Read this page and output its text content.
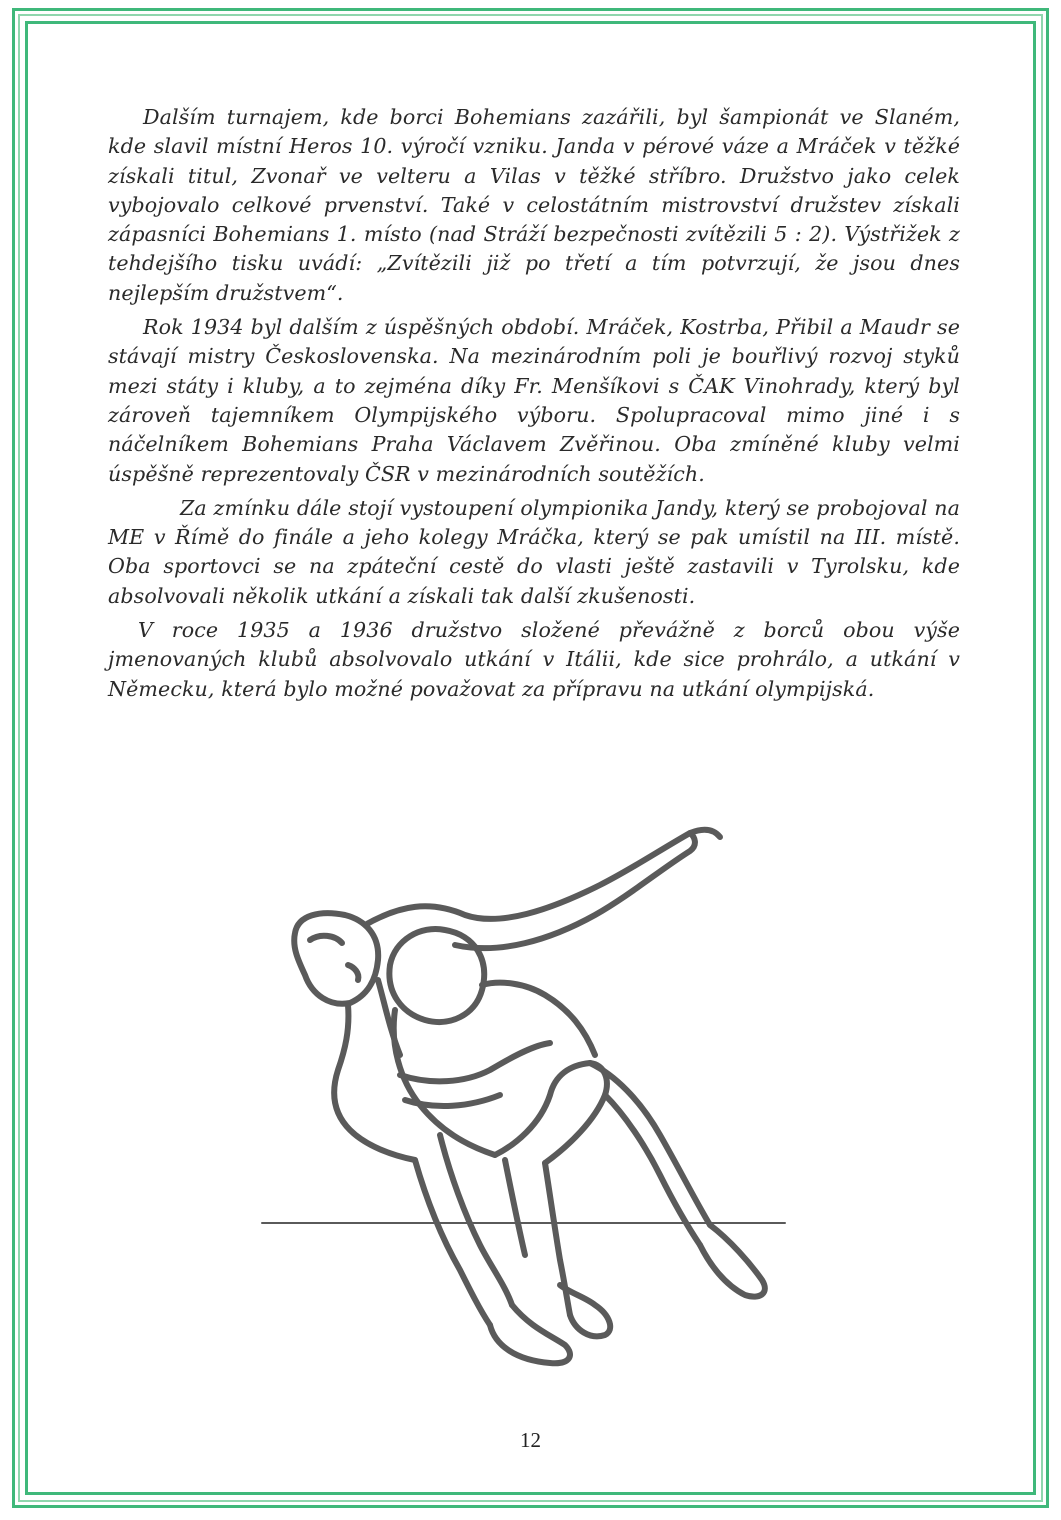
Dalším turnajem, kde borci Bohemians zazářili, byl šampionát ve Slaném, kde slavil místní Heros 10. výročí vzniku. Janda v pérové váze a Mráček v těžké získali titul, Zvonař ve velteru a Vilas v těžké stříbro. Družstvo jako celek vybojovalo celkové prvenství. Také v celostátním mistrovství družstev získali zápasníci Bohemians 1. místo (nad Stráží bezpečnosti zvítězili 5 : 2). Výstřižek z tehdejšího tisku uvádí: „Zvítězili již po třetí a tím potvrzují, že jsou dnes nejlepším družstvem“.

Rok 1934 byl dalším z úspěšných období. Mráček, Kostrba, Přibil a Maudr se stávají mistry Československa. Na mezinárodním poli je bouřlivý rozvoj styků mezi státy i kluby, a to zejména díky Fr. Menšíkovi s ČAK Vinohrady, který byl zároveň tajemníkem Olympijského výboru. Spolupracoval mimo jiné i s náčelníkem Bohemians Praha Václavem Zvěřinou. Oba zmíněné kluby velmi úspěšně reprezentovaly ČSR v mezinárodních soutěžích.

Za zmínku dále stojí vystoupení olympionika Jandy, který se probojoval na ME v Římě do finále a jeho kolegy Mráčka, který se pak umístil na III. místě. Oba sportovci se na zpáteční cestě do vlasti ještě zastavili v Tyrolsku, kde absolvovali několik utkání a získali tak další zkušenosti.

V roce 1935 a 1936 družstvo složené převážně z borců obou výše jmenovaných klubů absolvovalo utkání v Itálii, kde sice prohrálo, a utkání v Německu, která bylo možné považovat za přípravu na utkání olympijská.

12
